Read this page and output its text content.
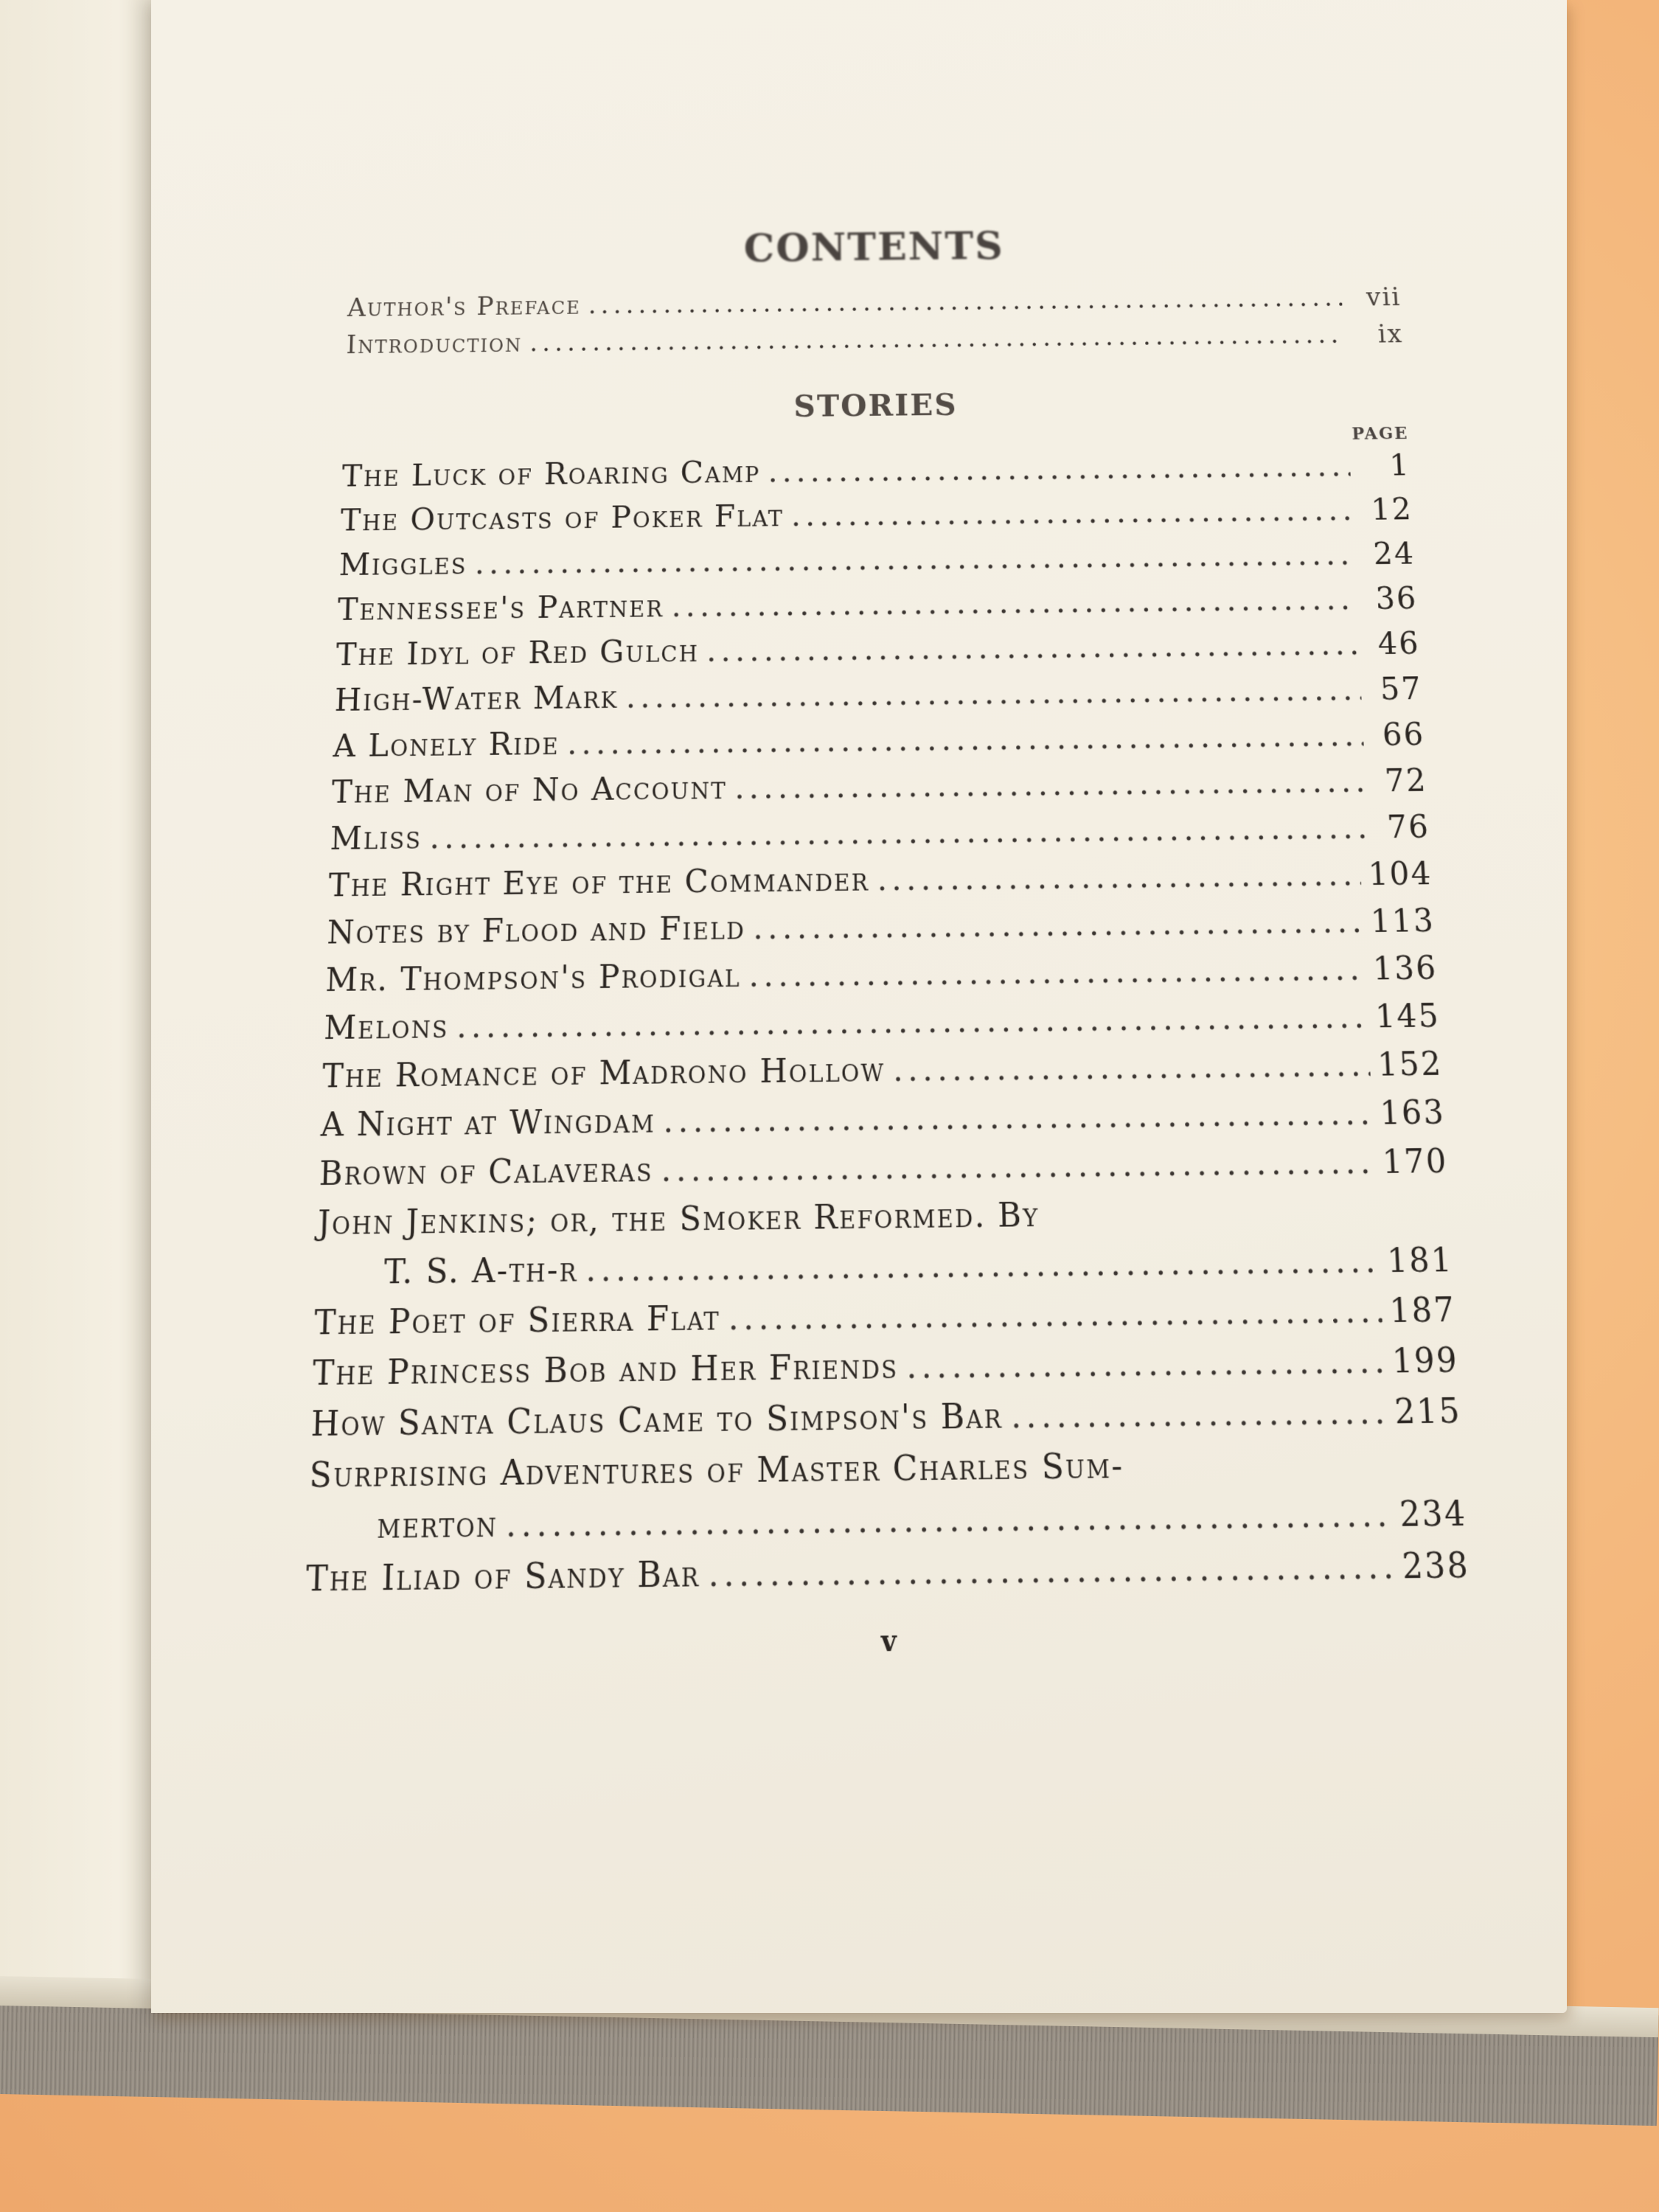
CONTENTS
Author's Preface .....	vii
Introduction .....	ix
STORIES
PAGE
The Luck of Roaring Camp .....	1
The Outcasts of Poker Flat .....	12
Miggles .....	24
Tennessee's Partner .....	36
The Idyl of Red Gulch .....	46
High-Water Mark .....	57
A Lonely Ride .....	66
The Man of No Account .....	72
Mliss .....	76
The Right Eye of the Commander .....	104
Notes by Flood and Field .....	113
Mr. Thompson's Prodigal .....	136
Melons .....	145
The Romance of Madrono Hollow .....	152
A Night at Wingdam .....	163
Brown of Calaveras .....	170
John Jenkins; or, the Smoker Reformed. By
T. S. A-th-r .....	181
The Poet of Sierra Flat .....	187
The Princess Bob and Her Friends .....	199
How Santa Claus Came to Simpson's Bar .....	215
Surprising Adventures of Master Charles Sum-
merton .....	234
The Iliad of Sandy Bar .....	238
v
